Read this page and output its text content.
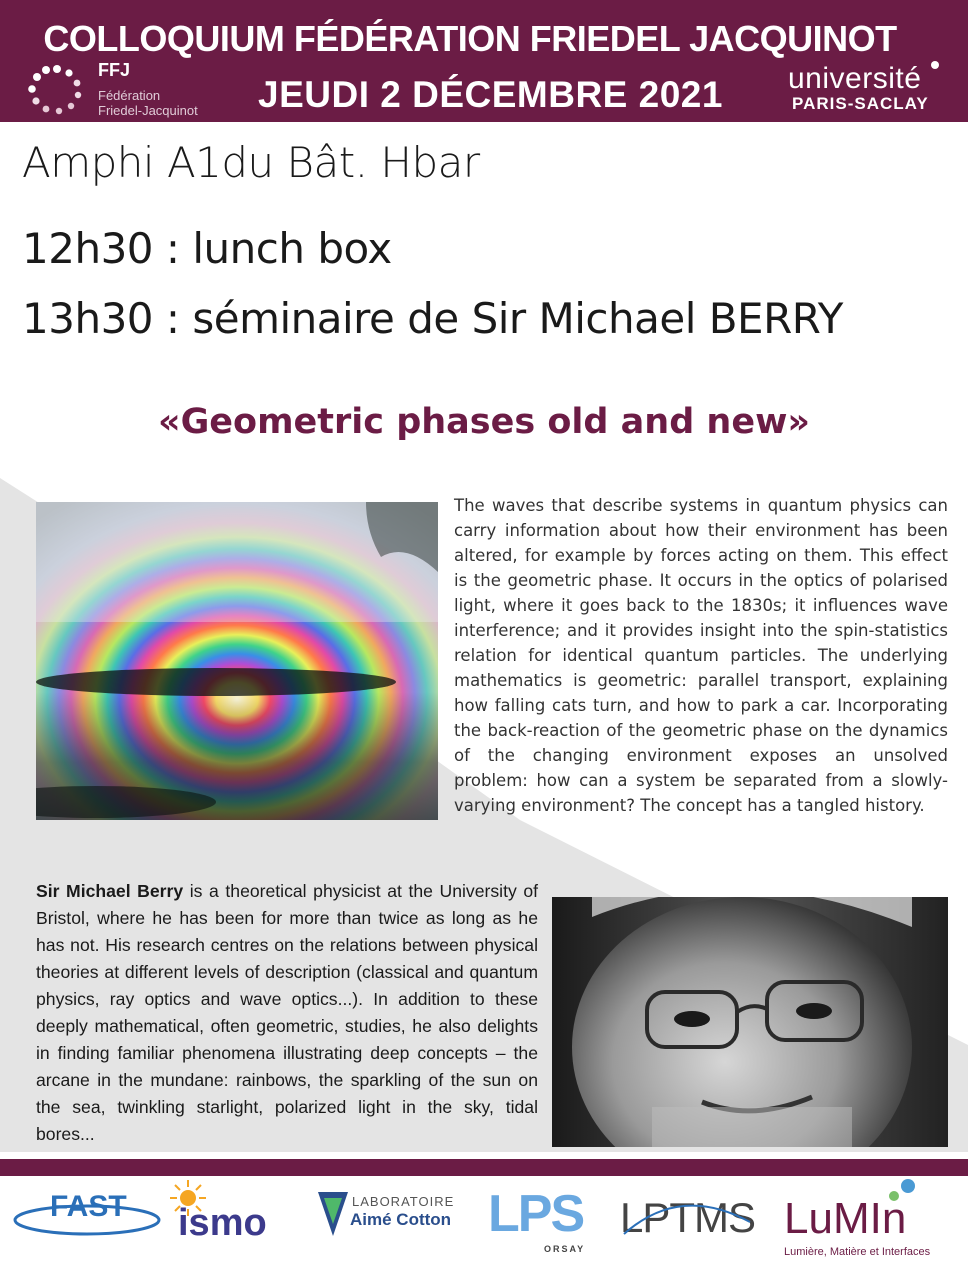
COLLOQUIUM FÉDÉRATION FRIEDEL JACQUINOT
JEUDI 2 DÉCEMBRE 2021
FFJ
Fédération
Friedel-Jacquinot
université
PARIS-SACLAY
Amphi A1du Bât. Hbar
12h30 : lunch box
13h30 : séminaire de Sir Michael BERRY
«Geometric phases old and new»
The waves that describe systems in quantum physics can carry information about how their environment has been altered, for example by forces acting on them. This effect is the geometric phase. It occurs in the optics of polarised light, where it goes back to the 1830s; it influences wave interference; and it provides insight into the spin-statistics relation for identical quantum particles. The underlying mathematics is geometric: parallel transport, explaining how falling cats turn, and how to park a car. Incorporating the back-reaction of the geometric phase on the dynamics of the changing environment exposes an unsolved problem: how can a system be separated from a slowly-varying environment? The concept has a tangled history.
Sir Michael Berry is a theoretical physicist at the University of Bristol, where he has been for more than twice as long as he has not. His research centres on the relations between physical theories at different levels of description (classical and quantum physics, ray optics and wave optics...). In addition to these deeply mathematical, often geometric, studies, he also delights in finding familiar phenomena illustrating deep concepts – the arcane in the mundane: rainbows, the sparkling of the sun on the sea, twinkling starlight, polarized light in the sky, tidal bores...
FAST ismo
LABORATOIRE
Aimé Cotton LPS
ORSAY
LPTMS LuMIn
Lumière, Matière et Interfaces
